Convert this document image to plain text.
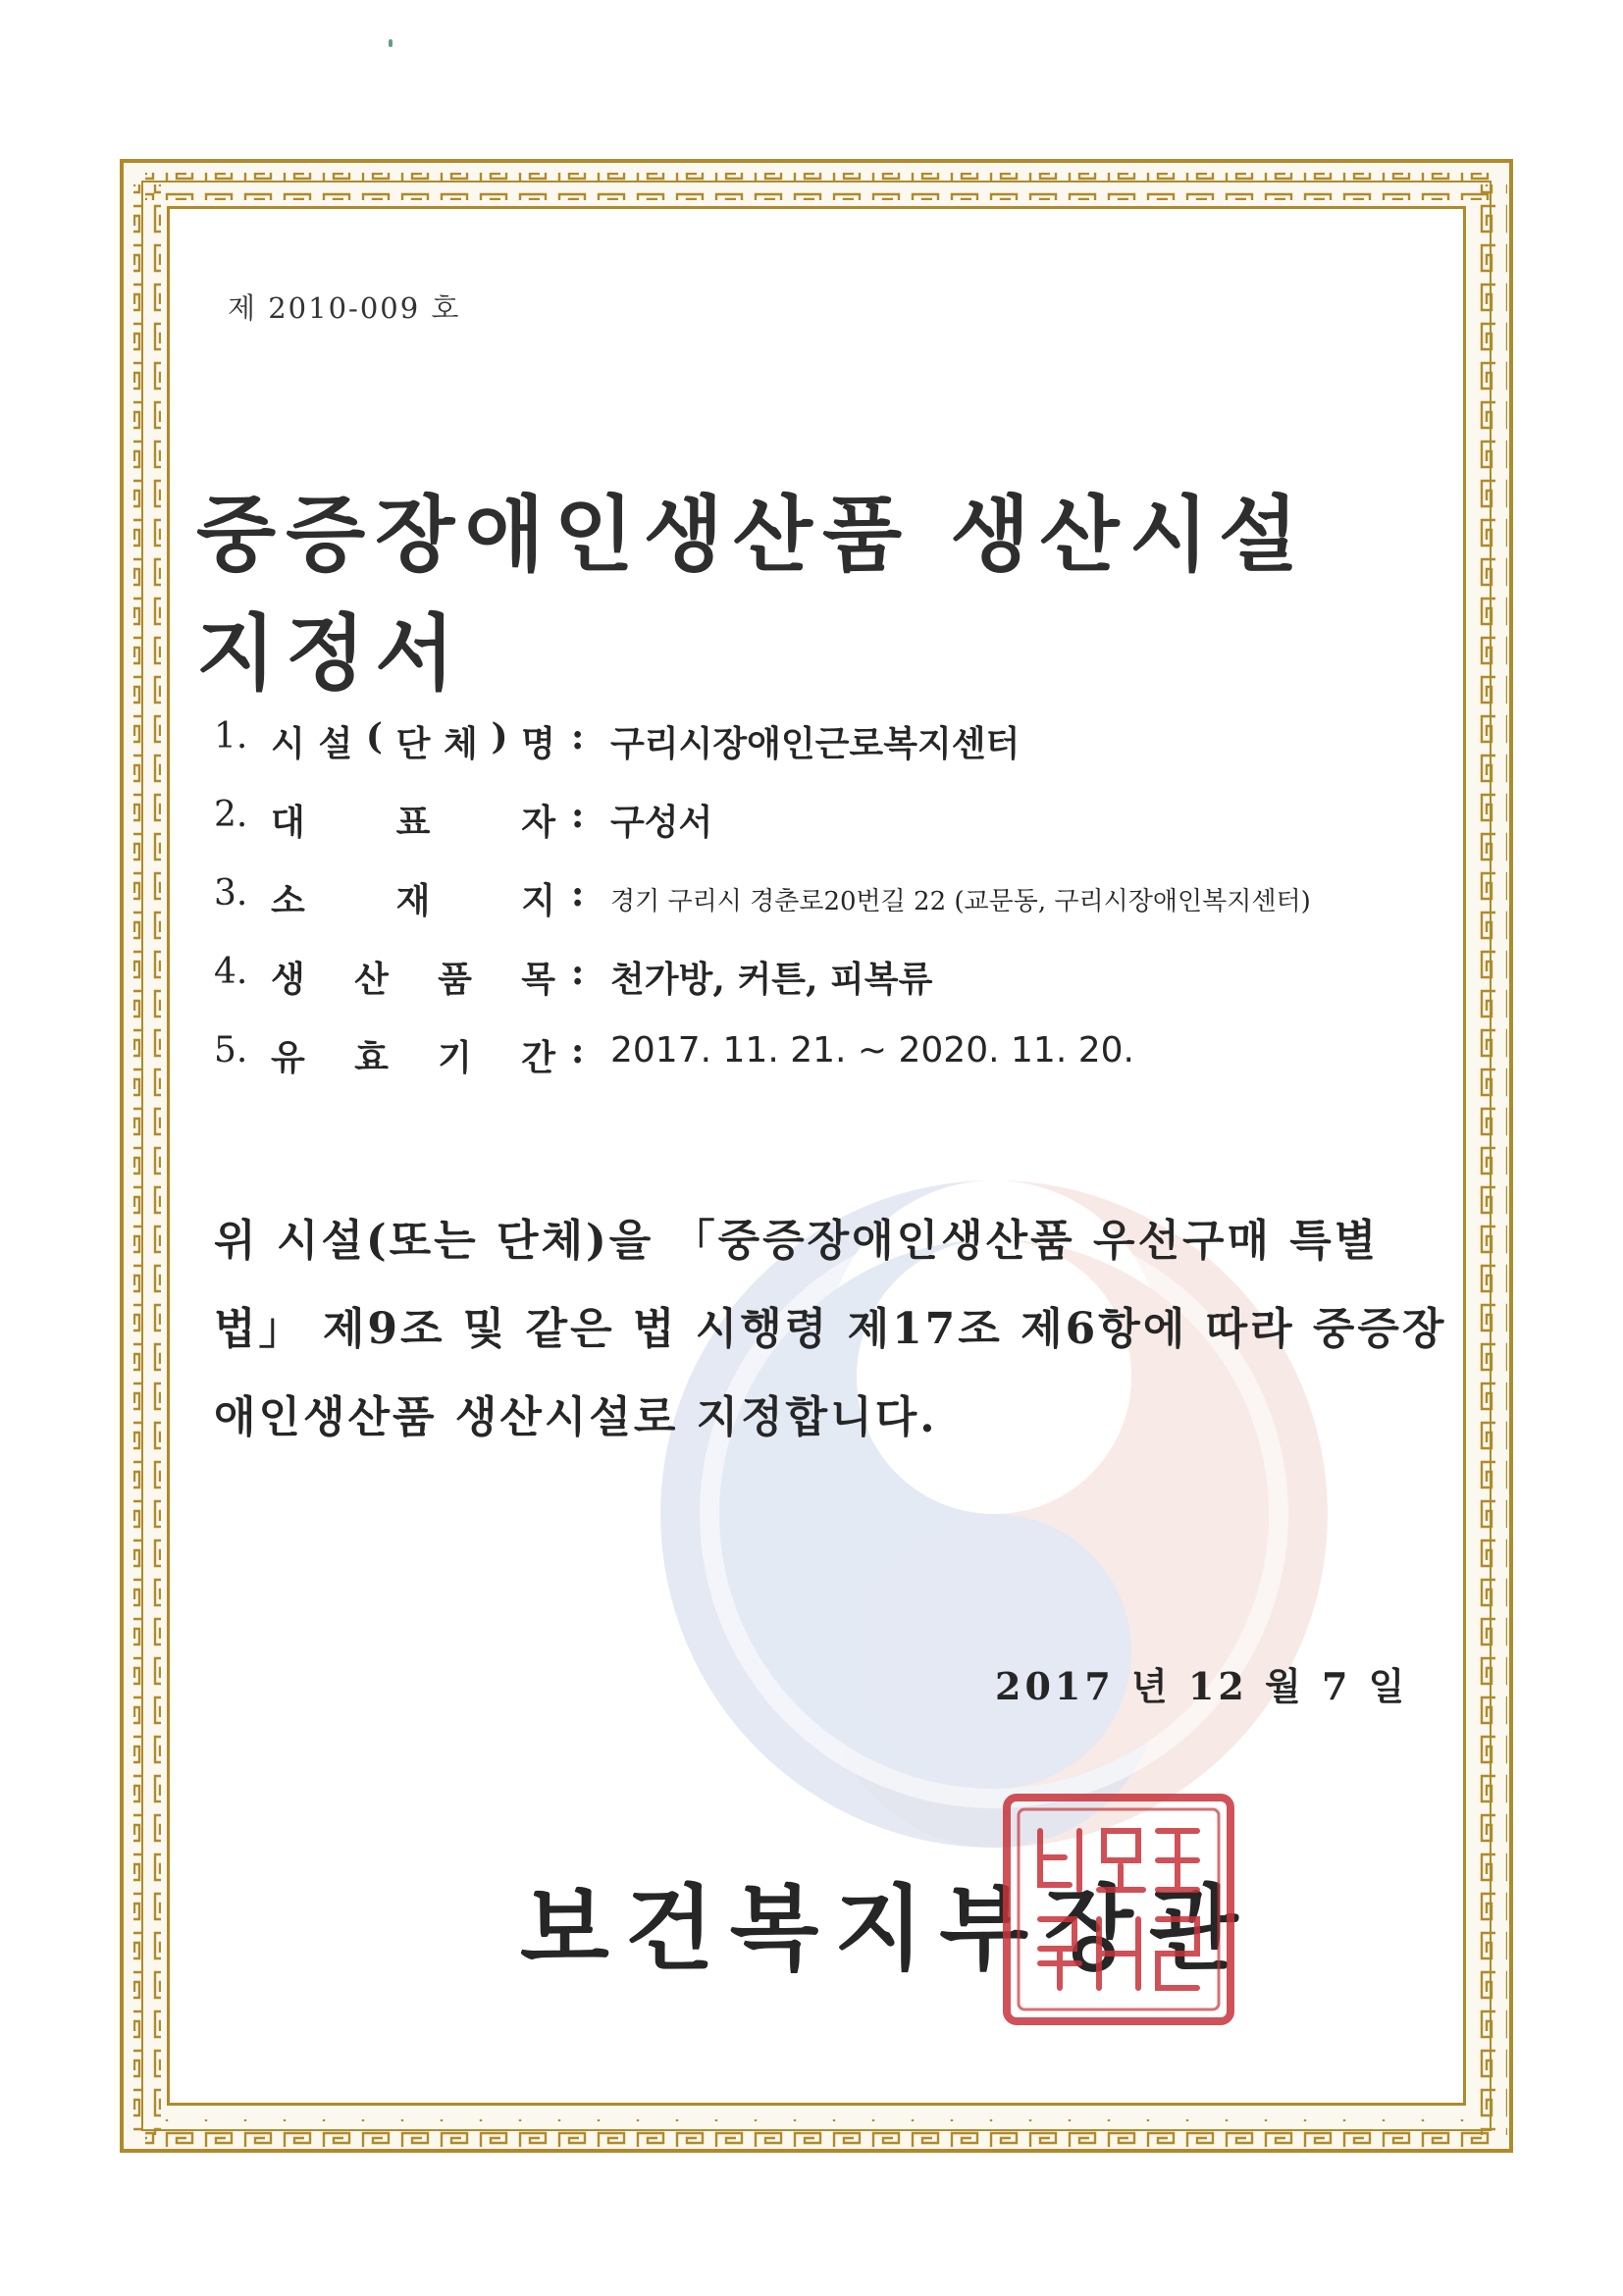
제 2010-009 호
중증장애인생산품 생산시설 지정서
1. 시 설 ( 단 체 ) 명 : 구리시장애인근로복지센터
2. 대	표	자 : 구성서
3. 소	재	지 : 경기 구리시 경춘로20번길 22 (교문동, 구리시장애인복지센터)
4. 생 산 품 목 : 천가방, 커튼, 피복류
5. 유 효 기 간 : 2017. 11. 21. ~ 2020. 11. 20.
위 시설(또는 단체)을 「중증장애인생산품 우선구매 특별
법」 제9조 및 같은 법 시행령 제17조 제6항에 따라 중증장
애인생산품 생산시설로 지정합니다.
2017 년 12 월 7 일
보건복지부장관
